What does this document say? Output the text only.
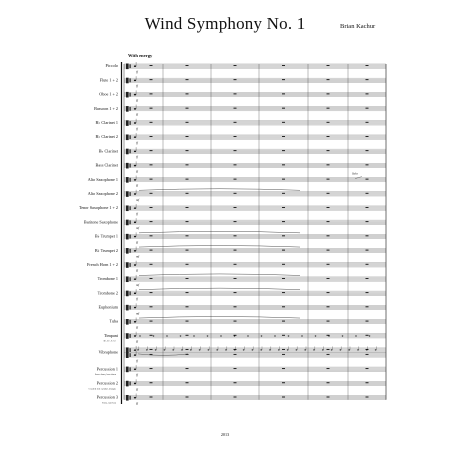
Wind Symphony No. 1	Brian Kachur
With energy
2013
Piccolo
ff
Flute 1 + 2
ff
Oboe 1 + 2
ff
Bassoon 1 + 2
ff
B♭ Clarinet 1
ff
B♭ Clarinet 2
ff
B♭ Clarinet
ff
Bass Clarinet
ff
Alto Saxophone 1
ff
Alto Saxophone 2
mf
Tenor Saxophone 1 + 2
ff
Baritone Saxophone
mf
B♭ Trumpet 1
ff
B♭ Trumpet 2
mf
French Horn 1 + 2
ff
Trombone 1
mf
Trombone 2
ff
Euphonium
mf
Tuba
ff
Timpani
B♭, E♭, F, G♭	ff
Vibraphone
ff
Percussion 1
Snare drum, bass drum	ff
Percussion 2
Crash & ride cymbal, triangle	ff
Percussion 3
Toms, tam-tam	ff
Solo
